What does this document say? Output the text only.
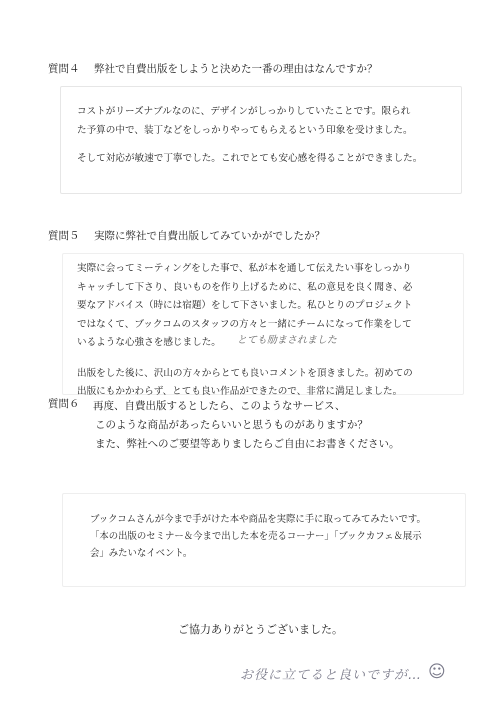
質問４ 弊社で自費出版をしようと決めた一番の理由はなんですか？
コストがリーズナブルなのに、デザインがしっかりしていたことです。限られ
た予算の中で、装丁などをしっかりやってもらえるという印象を受けました。
そして対応が敏速で丁寧でした。これでとても安心感を得ることができました。
質問５ 実際に弊社で自費出版してみていかがでしたか？
実際に会ってミーティングをした事で、私が本を通して伝えたい事をしっかり
キャッチして下さり、良いものを作り上げるために、私の意見を良く聞き、必
要なアドバイス（時には宿題）をして下さいました。私ひとりのプロジェクト
ではなくて、ブックコムのスタッフの方々と一緒にチームになって作業をして
いるような心強さを感じました。 とても励まされました
出版をした後に、沢山の方々からとても良いコメントを頂きました。初めての
出版にもかかわらず、とても良い作品ができたので、非常に満足しました。
質問６	再度、自費出版するとしたら、このようなサービス、
このような商品があったらいいと思うものがありますか？
また、弊社へのご要望等ありましたらご自由にお書きください。
ブックコムさんが今まで手がけた本や商品を実際に手に取ってみてみたいです。
「本の出版のセミナー＆今まで出した本を売るコーナー」「ブックカフェ＆展示
会」みたいなイベント。
ご協力ありがとうございました。
お役に立てると良いですが… ☺
